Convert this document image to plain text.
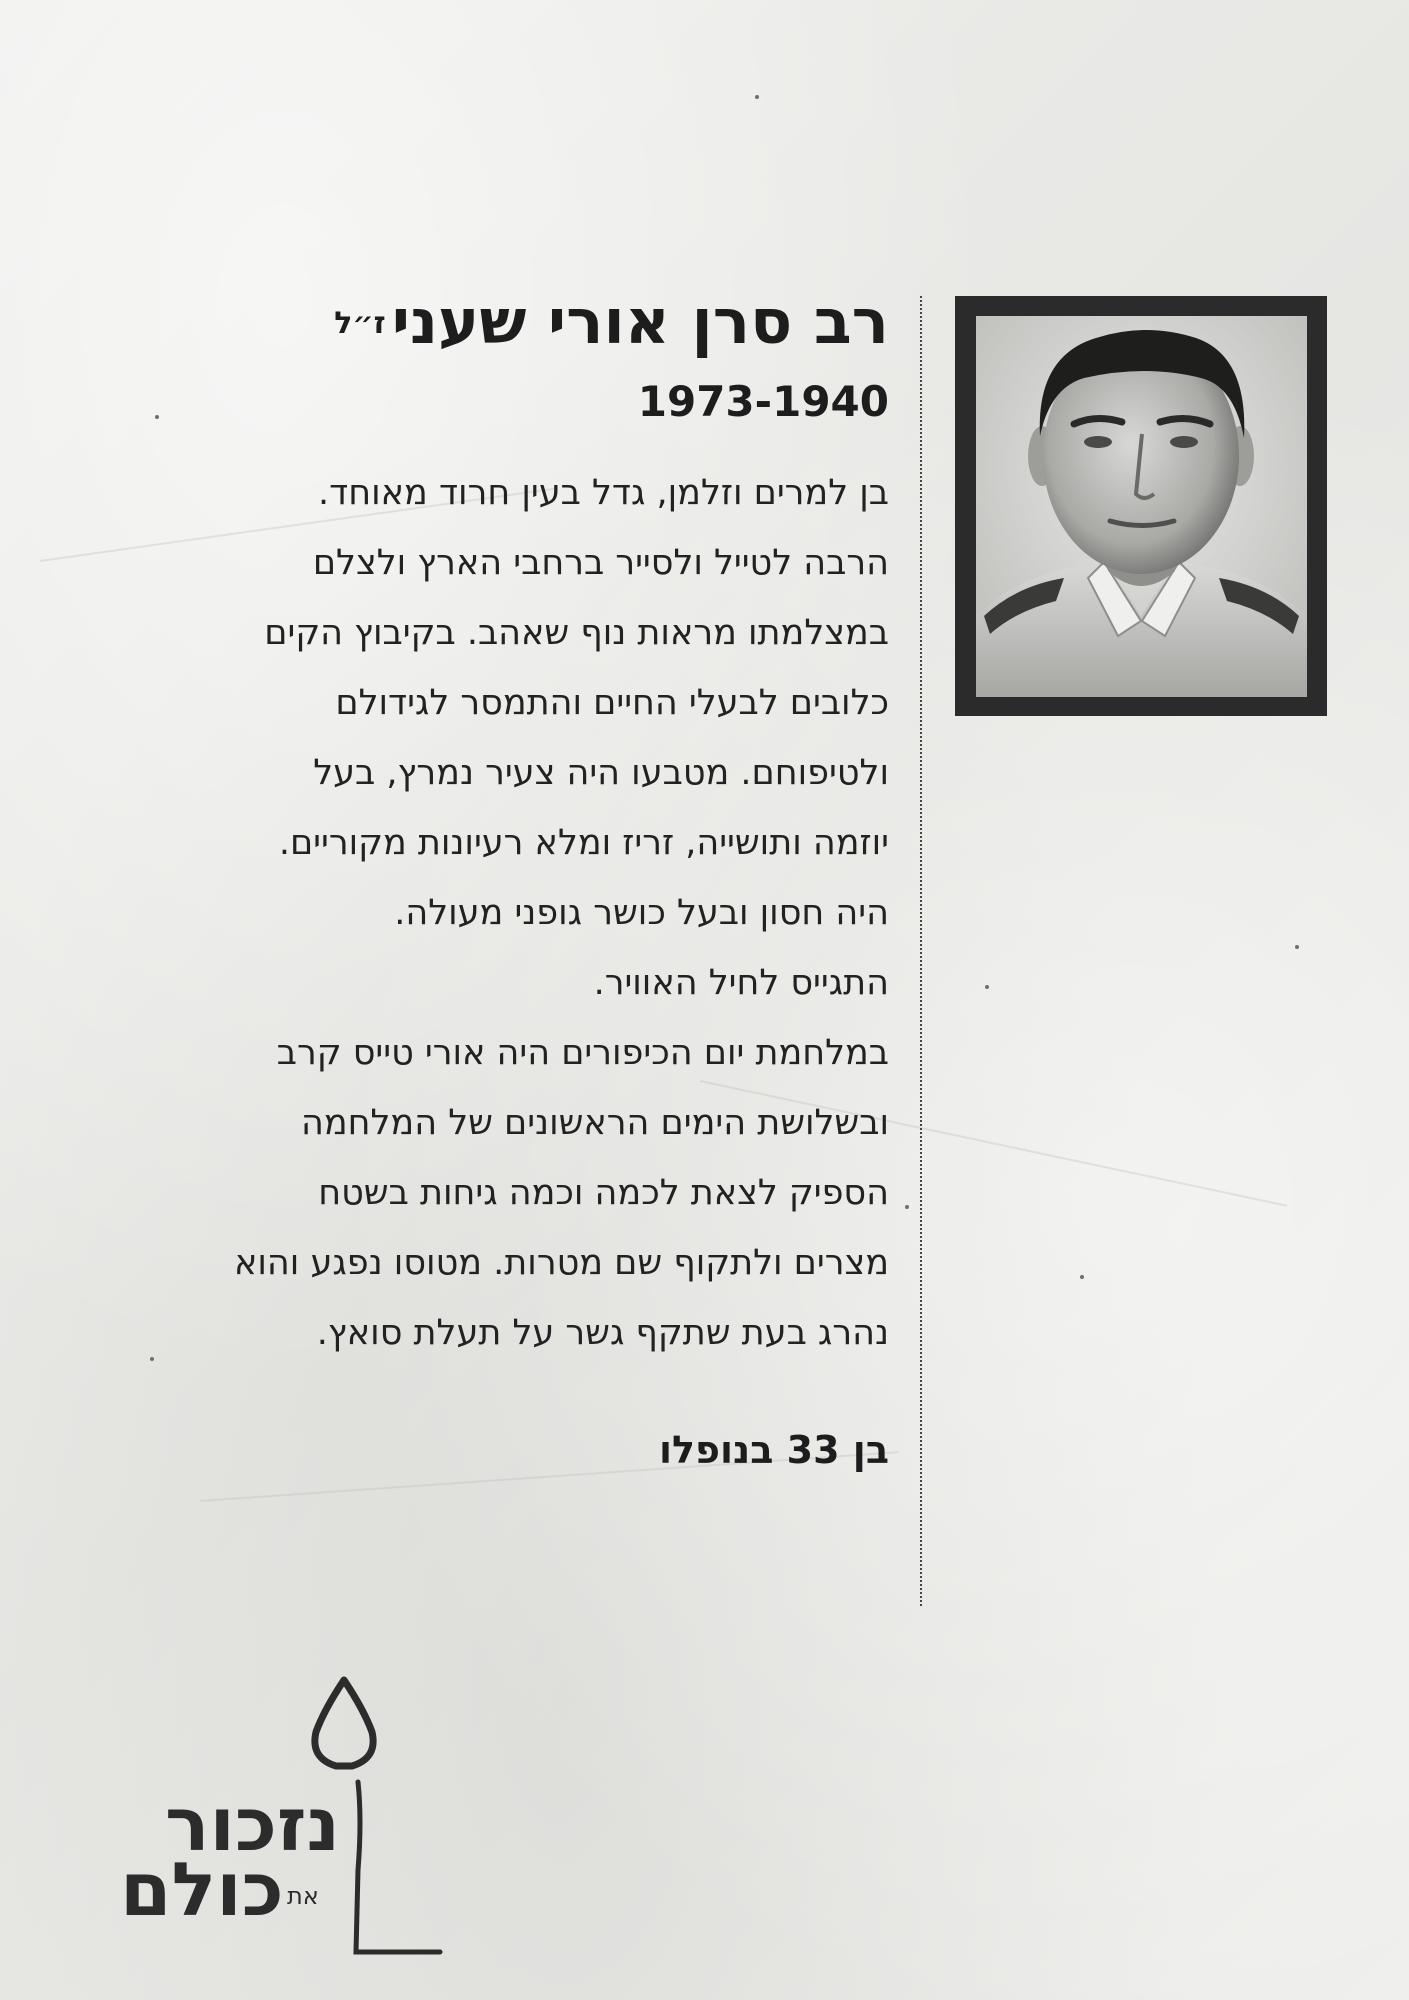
רב סרן אורי שעניז״ל
1973-1940
בן למרים וזלמן, גדל בעין חרוד מאוחד.
הרבה לטייל ולסייר ברחבי הארץ ולצלם
במצלמתו מראות נוף שאהב. בקיבוץ הקים
כלובים לבעלי החיים והתמסר לגידולם
ולטיפוחם. מטבעו היה צעיר נמרץ, בעל
יוזמה ותושייה, זריז ומלא רעיונות מקוריים.
היה חסון ובעל כושר גופני מעולה.
התגייס לחיל האוויר.
במלחמת יום הכיפורים היה אורי טייס קרב
ובשלושת הימים הראשונים של המלחמה
הספיק לצאת לכמה וכמה גיחות בשטח
מצרים ולתקוף שם מטרות. מטוסו נפגע והוא
נהרג בעת שתקף גשר על תעלת סואץ.
בן 33 בנופלו
נזכור
את
כולם
